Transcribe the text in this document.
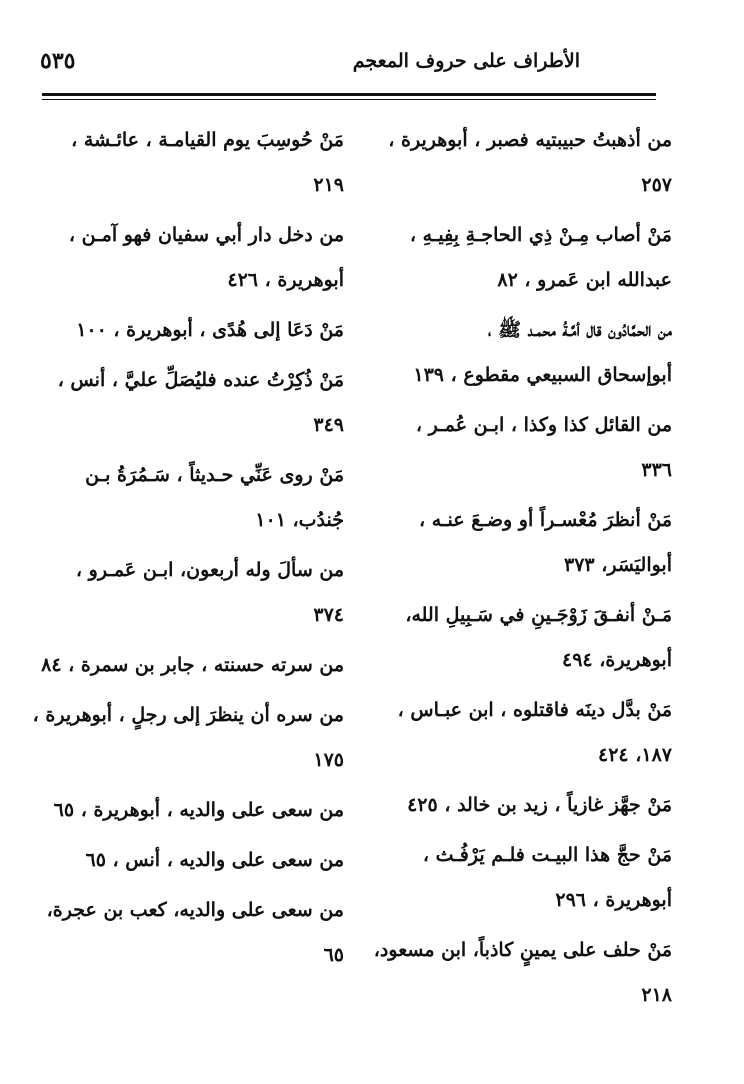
الأطراف على حروف المعجم
٥٣٥
من أذهبتُ حبيبتيه فصبر ، أبوهريرة ،
٢٥٧
مَنْ أصاب مِـنْ ذِي الحاجـةِ بِفِيـهِ ،
عبدالله ابن عَمرو ، ٨٢
من الحمَّادُون قال أمَّـةُ محمـد ﷺ ،
أبوإسحاق السبيعي مقطوع ، ١٣٩
من القائل كذا وكذا ، ابـن عُمـر ،
٣٣٦
مَنْ أنظرَ مُعْسـراً أو وضـعَ عنـه ،
أبواليَسَر، ٣٧٣
مَـنْ أنفـقَ زَوْجَـينِ في سَـبِيلِ الله،
أبوهريرة، ٤٩٤
مَنْ بدَّل دينَه فاقتلوه ، ابن عبـاس ،
١٨٧، ٤٢٤
مَنْ جهَّز غازياً ، زيد بن خالد ، ٤٢٥
مَنْ حجَّ هذا البيـت فلـم يَرْفُـث ،
أبوهريرة ، ٢٩٦
مَنْ حلف على يمينٍ كاذباً، ابن مسعود،
٢١٨
مَنْ حُوسِبَ يوم القيامـة ، عائـشة ،
٢١٩
من دخل دار أبي سفيان فهو آمـن ،
أبوهريرة ، ٤٢٦
مَنْ دَعَا إلى هُدًى ، أبوهريرة ، ١٠٠
مَنْ ذُكِرْتُ عنده فليُصَلِّ عليَّ ، أنس ،
٣٤٩
مَنْ روى عَنِّي حـديثاً ، سَـمُرَةُ بـن
جُندُب، ١٠١
من سألَ وله أربعون، ابـن عَمـرو ،
٣٧٤
من سرته حسنته ، جابر بن سمرة ، ٨٤
من سره أن ينظرَ إلى رجلٍ ، أبوهريرة ،
١٧٥
من سعى على والديه ، أبوهريرة ، ٦٥
من سعى على والديه ، أنس ، ٦٥
من سعى على والديه، كعب بن عجرة،
٦٥
